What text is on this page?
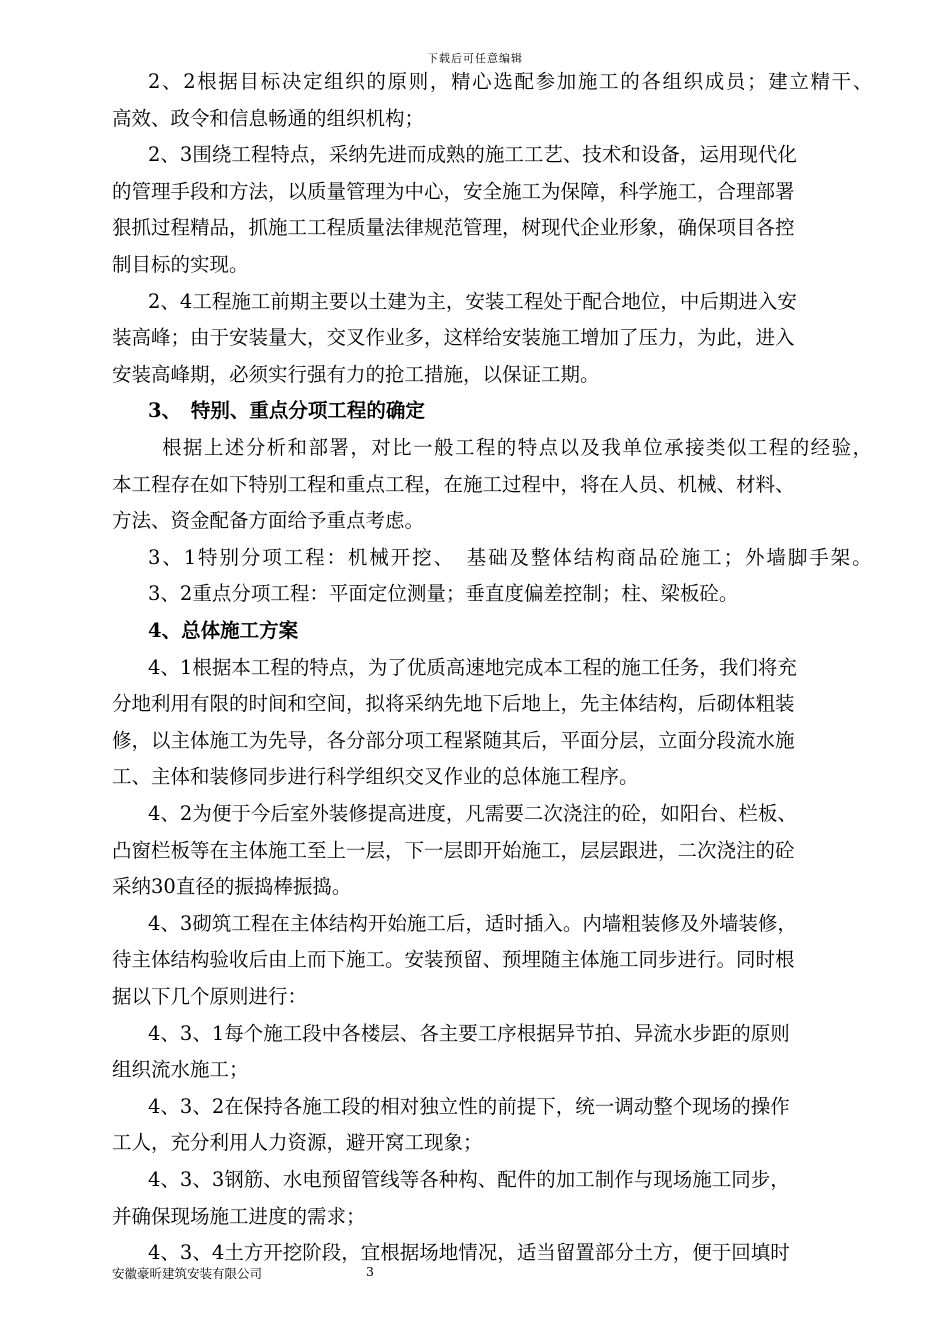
下载后可任意编辑
2、2根据目标决定组织的原则，精心选配参加施工的各组织成员；建立精干、
高效、政令和信息畅通的组织机构；
2、3围绕工程特点，采纳先进而成熟的施工工艺、技术和设备，运用现代化
的管理手段和方法，以质量管理为中心，安全施工为保障，科学施工，合理部署
狠抓过程精品，抓施工工程质量法律规范管理，树现代企业形象，确保项目各控
制目标的实现。
2、4工程施工前期主要以土建为主，安装工程处于配合地位，中后期进入安
装高峰；由于安装量大，交叉作业多，这样给安装施工增加了压力，为此，进入
安装高峰期，必须实行强有力的抢工措施，以保证工期。
3、　特别、重点分项工程的确定
根据上述分析和部署，对比一般工程的特点以及我单位承接类似工程的经验，
本工程存在如下特别工程和重点工程，在施工过程中，将在人员、机械、材料、
方法、资金配备方面给予重点考虑。
3、1特别分项工程：机械开挖、　基础及整体结构商品砼施工；外墙脚手架。
3、2重点分项工程：平面定位测量；垂直度偏差控制；柱、梁板砼。
4、总体施工方案
4、1根据本工程的特点，为了优质高速地完成本工程的施工任务，我们将充
分地利用有限的时间和空间，拟将采纳先地下后地上，先主体结构，后砌体粗装
修，以主体施工为先导，各分部分项工程紧随其后，平面分层，立面分段流水施
工、主体和装修同步进行科学组织交叉作业的总体施工程序。
4、2为便于今后室外装修提高进度，凡需要二次浇注的砼，如阳台、栏板、
凸窗栏板等在主体施工至上一层，下一层即开始施工，层层跟进，二次浇注的砼
采纳30直径的振捣棒振捣。
4、3砌筑工程在主体结构开始施工后，适时插入。内墙粗装修及外墙装修，
待主体结构验收后由上而下施工。安装预留、预埋随主体施工同步进行。同时根
据以下几个原则进行：
4、3、1每个施工段中各楼层、各主要工序根据异节拍、异流水步距的原则
组织流水施工；
4、3、2在保持各施工段的相对独立性的前提下，统一调动整个现场的操作
工人，充分利用人力资源，避开窝工现象；
4、3、3钢筋、水电预留管线等各种构、配件的加工制作与现场施工同步，
并确保现场施工进度的需求；
4、3、4土方开挖阶段，宜根据场地情况，适当留置部分土方，便于回填时
安徽豪昕建筑安装有限公司	3
